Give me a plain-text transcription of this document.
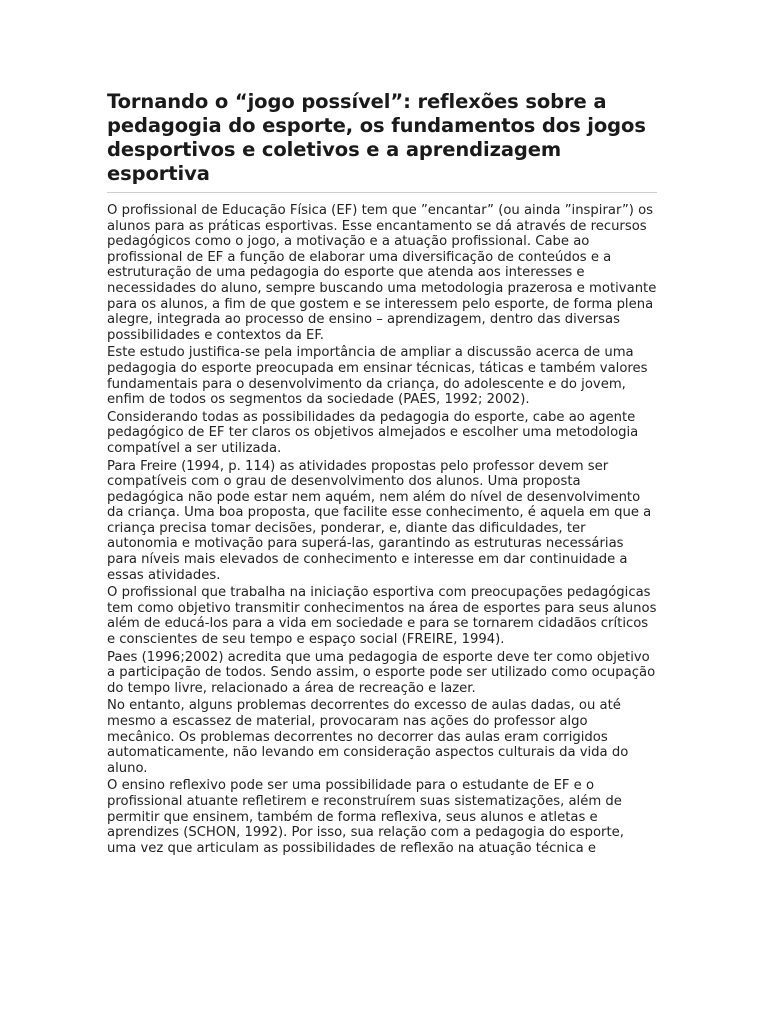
Tornando o “jogo possível”: reflexões sobre a pedagogia do esporte, os fundamentos dos jogos desportivos e coletivos e a aprendizagem esportiva

O profissional de Educação Física (EF) tem que ”encantar” (ou ainda ”inspirar”) os alunos para as práticas esportivas. Esse encantamento se dá através de recursos pedagógicos como o jogo, a motivação e a atuação profissional. Cabe ao profissional de EF a função de elaborar uma diversificação de conteúdos e a estruturação de uma pedagogia do esporte que atenda aos interesses e necessidades do aluno, sempre buscando uma metodologia prazerosa e motivante para os alunos, a fim de que gostem e se interessem pelo esporte, de forma plena alegre, integrada ao processo de ensino – aprendizagem, dentro das diversas possibilidades e contextos da EF.

Este estudo justifica-se pela importância de ampliar a discussão acerca de uma pedagogia do esporte preocupada em ensinar técnicas, táticas e também valores fundamentais para o desenvolvimento da criança, do adolescente e do jovem, enfim de todos os segmentos da sociedade (PAES, 1992; 2002).

Considerando todas as possibilidades da pedagogia do esporte, cabe ao agente pedagógico de EF ter claros os objetivos almejados e escolher uma metodologia compatível a ser utilizada.

Para Freire (1994, p. 114) as atividades propostas pelo professor devem ser compatíveis com o grau de desenvolvimento dos alunos. Uma proposta pedagógica não pode estar nem aquém, nem além do nível de desenvolvimento da criança. Uma boa proposta, que facilite esse conhecimento, é aquela em que a criança precisa tomar decisões, ponderar, e, diante das dificuldades, ter autonomia e motivação para superá-las, garantindo as estruturas necessárias para níveis mais elevados de conhecimento e interesse em dar continuidade a essas atividades.

O profissional que trabalha na iniciação esportiva com preocupações pedagógicas tem como objetivo transmitir conhecimentos na área de esportes para seus alunos além de educá-los para a vida em sociedade e para se tornarem cidadãos críticos e conscientes de seu tempo e espaço social (FREIRE, 1994).

Paes (1996;2002) acredita que uma pedagogia de esporte deve ter como objetivo a participação de todos. Sendo assim, o esporte pode ser utilizado como ocupação do tempo livre, relacionado a área de recreação e lazer.

No entanto, alguns problemas decorrentes do excesso de aulas dadas, ou até mesmo a escassez de material, provocaram nas ações do professor algo mecânico. Os problemas decorrentes no decorrer das aulas eram corrigidos automaticamente, não levando em consideração aspectos culturais da vida do aluno.

O ensino reflexivo pode ser uma possibilidade para o estudante de EF e o profissional atuante refletirem e reconstruírem suas sistematizações, além de permitir que ensinem, também de forma reflexiva, seus alunos e atletas e aprendizes (SCHON, 1992). Por isso, sua relação com a pedagogia do esporte, uma vez que articulam as possibilidades de reflexão na atuação técnica e
